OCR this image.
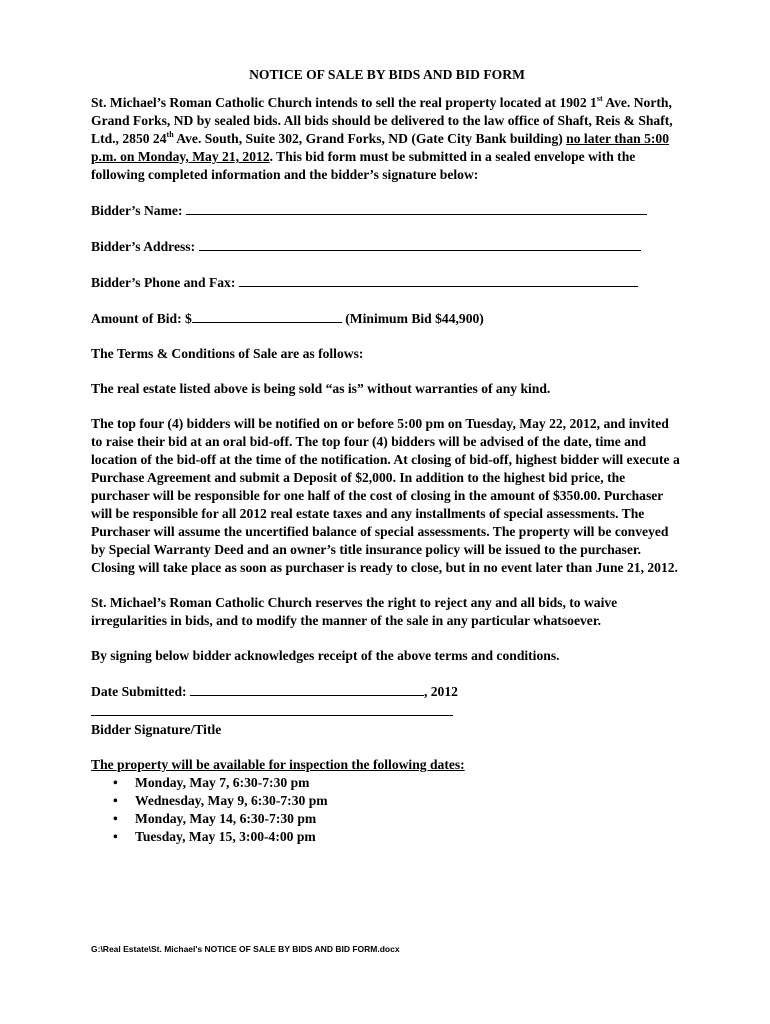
NOTICE OF SALE BY BIDS AND BID FORM

St. Michael’s Roman Catholic Church intends to sell the real property located at 1902 1st Ave. North, Grand Forks, ND by sealed bids. All bids should be delivered to the law office of Shaft, Reis & Shaft, Ltd., 2850 24th Ave. South, Suite 302, Grand Forks, ND (Gate City Bank building) no later than 5:00 p.m. on Monday, May 21, 2012. This bid form must be submitted in a sealed envelope with the following completed information and the bidder’s signature below:

Bidder’s Name:

Bidder’s Address:

Bidder’s Phone and Fax:

Amount of Bid: $	(Minimum Bid $44,900)

The Terms & Conditions of Sale are as follows:

The real estate listed above is being sold “as is” without warranties of any kind.

The top four (4) bidders will be notified on or before 5:00 pm on Tuesday, May 22, 2012, and invited to raise their bid at an oral bid-off. The top four (4) bidders will be advised of the date, time and location of the bid-off at the time of the notification. At closing of bid-off, highest bidder will execute a Purchase Agreement and submit a Deposit of $2,000. In addition to the highest bid price, the purchaser will be responsible for one half of the cost of closing in the amount of $350.00. Purchaser will be responsible for all 2012 real estate taxes and any installments of special assessments. The Purchaser will assume the uncertified balance of special assessments. The property will be conveyed by Special Warranty Deed and an owner’s title insurance policy will be issued to the purchaser. Closing will take place as soon as purchaser is ready to close, but in no event later than June 21, 2012.

St. Michael’s Roman Catholic Church reserves the right to reject any and all bids, to waive irregularities in bids, and to modify the manner of the sale in any particular whatsoever.

By signing below bidder acknowledges receipt of the above terms and conditions.

Date Submitted:	, 2012

Bidder Signature/Title

The property will be available for inspection the following dates:
• Monday, May 7, 6:30-7:30 pm
• Wednesday, May 9, 6:30-7:30 pm
• Monday, May 14, 6:30-7:30 pm
• Tuesday, May 15, 3:00-4:00 pm
G:\Real Estate\St. Michael's NOTICE OF SALE BY BIDS AND BID FORM.docx
